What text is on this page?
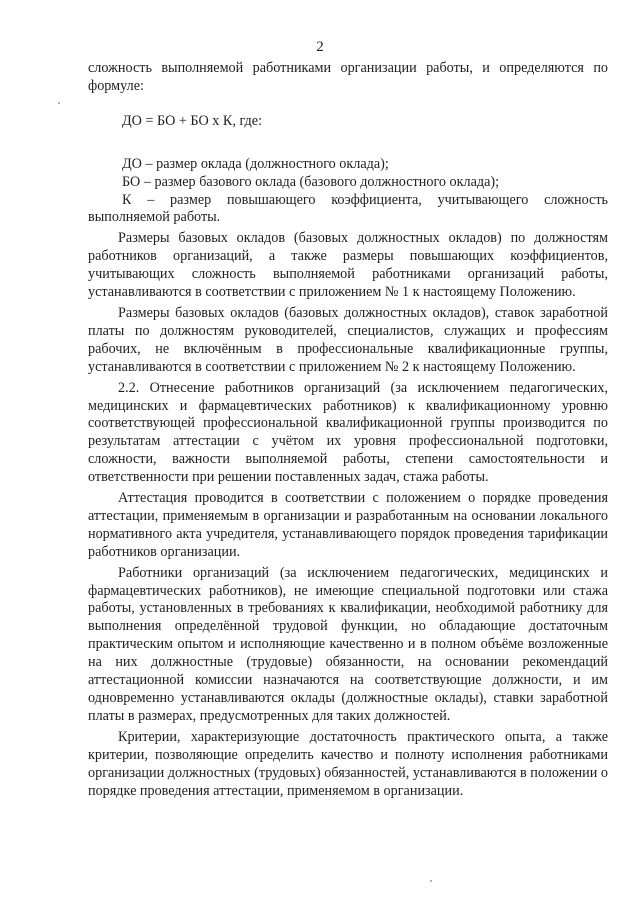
2

сложность выполняемой работниками организации работы, и определяются по формуле:

ДО = БО + БО х К, где:

ДО – размер оклада (должностного оклада);

БО – размер базового оклада (базового должностного оклада);

К – размер повышающего коэффициента, учитывающего сложность выполняемой работы.

Размеры базовых окладов (базовых должностных окладов) по должностям работников организаций, а также размеры повышающих коэффициентов, учитывающих сложность выполняемой работниками организаций работы, устанавливаются в соответствии с приложением № 1 к настоящему Положению.

Размеры базовых окладов (базовых должностных окладов), ставок заработной платы по должностям руководителей, специалистов, служащих и профессиям рабочих, не включённым в профессиональные квалификационные группы, устанавливаются в соответствии с приложением № 2 к настоящему Положению.

2.2. Отнесение работников организаций (за исключением педагогических, медицинских и фармацевтических работников) к квалификационному уровню соответствующей профессиональной квалификационной группы производится по результатам аттестации с учётом их уровня профессиональной подготовки, сложности, важности выполняемой работы, степени самостоятельности и ответственности при решении поставленных задач, стажа работы.

Аттестация проводится в соответствии с положением о порядке проведения аттестации, применяемым в организации и разработанным на основании локального нормативного акта учредителя, устанавливающего порядок проведения тарификации работников организации.

Работники организаций (за исключением педагогических, медицинских и фармацевтических работников), не имеющие специальной подготовки или стажа работы, установленных в требованиях к квалификации, необходимой работнику для выполнения определённой трудовой функции, но обладающие достаточным практическим опытом и исполняющие качественно и в полном объёме возложенные на них должностные (трудовые) обязанности, на основании рекомендаций аттестационной комиссии назначаются на соответствующие должности, и им одновременно устанавливаются оклады (должностные оклады), ставки заработной платы в размерах, предусмотренных для таких должностей.

Критерии, характеризующие достаточность практического опыта, а также критерии, позволяющие определить качество и полноту исполнения работниками организации должностных (трудовых) обязанностей, устанавливаются в положении о порядке проведения аттестации, применяемом в организации.
